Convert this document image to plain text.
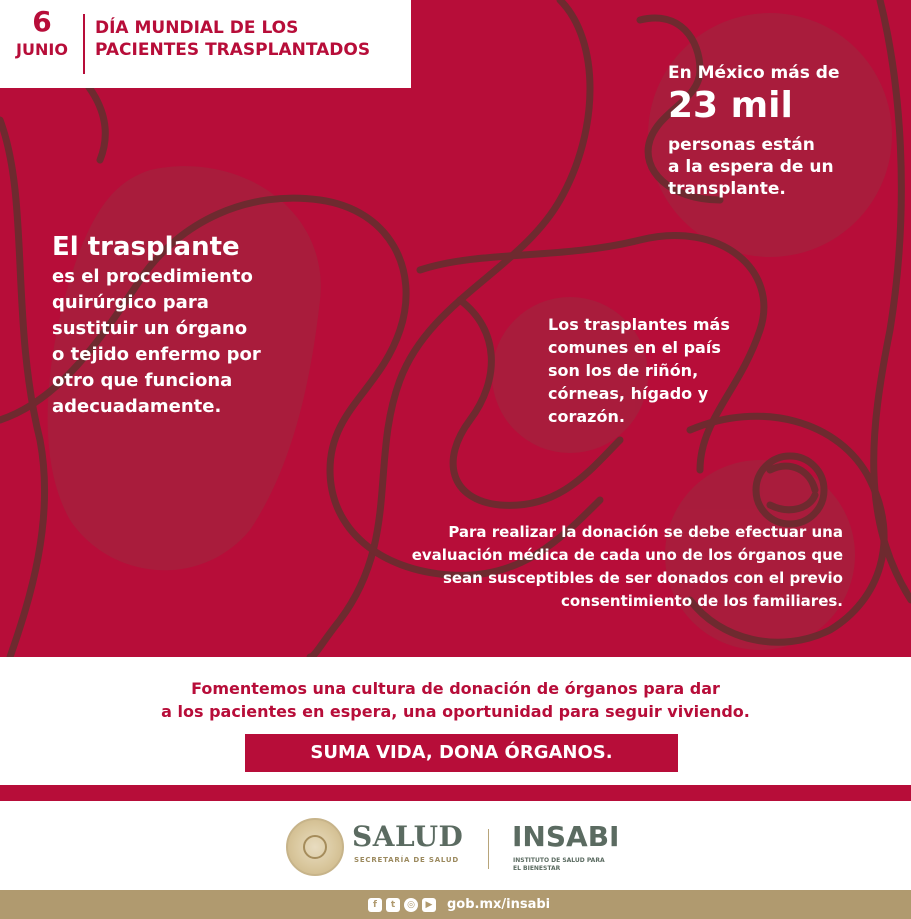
6
JUNIO
DÍA MUNDIAL DE LOS
PACIENTES TRASPLANTADOS
En México más de
23 mil
personas están
a la espera de un
transplante.
El trasplante
es el procedimiento
quirúrgico para
sustituir un órgano
o tejido enfermo por
otro que funciona
adecuadamente.
Los trasplantes más
comunes en el país
son los de riñón,
córneas, hígado y
corazón.
Para realizar la donación se debe efectuar una
evaluación médica de cada uno de los órganos que
sean susceptibles de ser donados con el previo
consentimiento de los familiares.
Fomentemos una cultura de donación de órganos para dar
a los pacientes en espera, una oportunidad para seguir viviendo.
SUMA VIDA, DONA ÓRGANOS.
SALUD
SECRETARÍA DE SALUD
INSABI
INSTITUTO DE SALUD PARA
EL BIENESTAR
f	t	◎	▶ gob.mx/insabi
